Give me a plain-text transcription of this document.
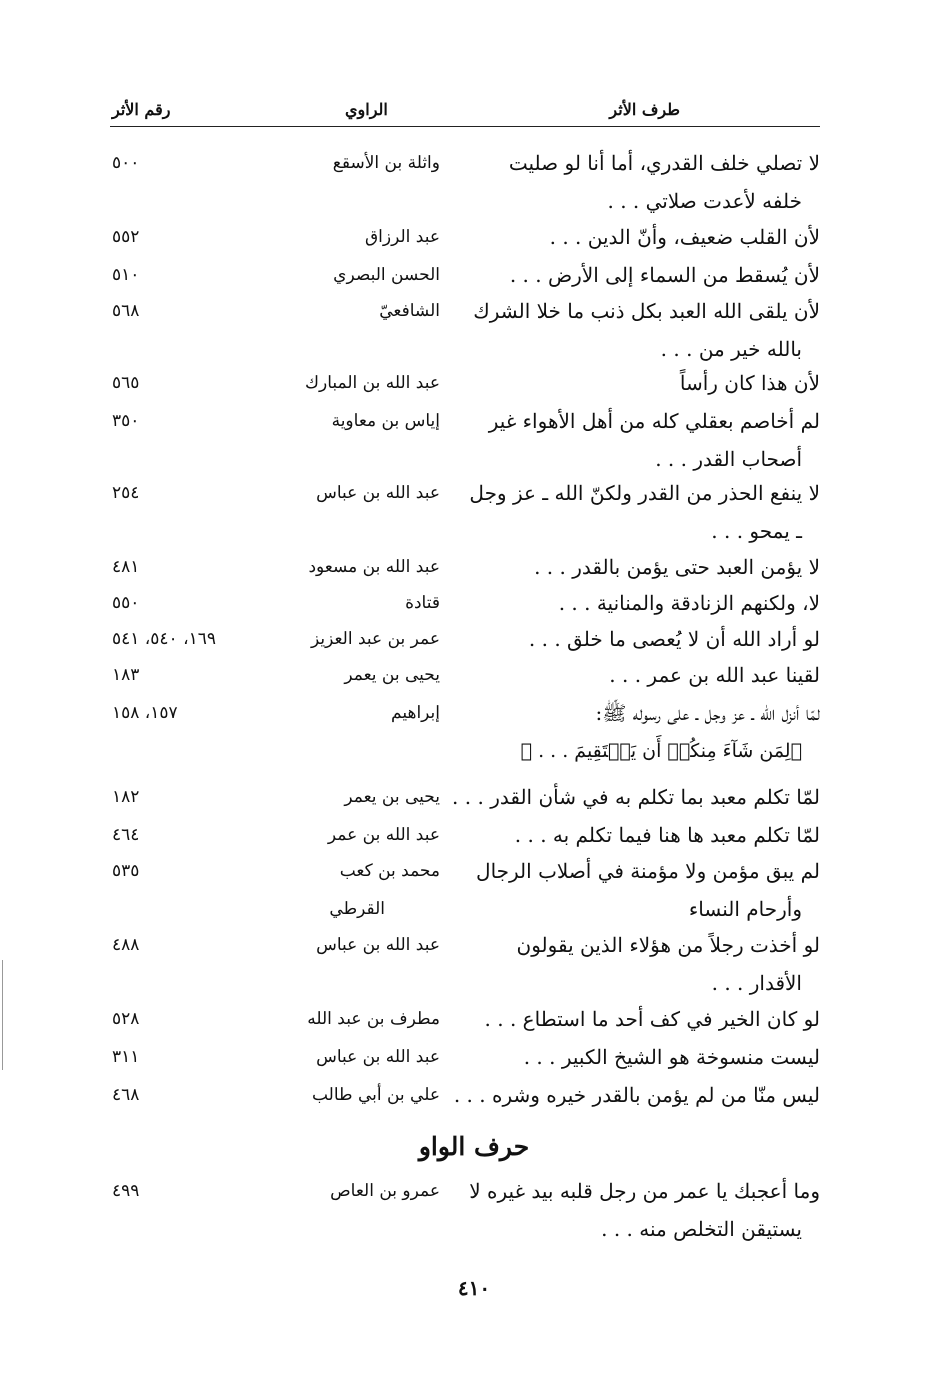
طرف الأثر
الراوي
رقم الأثر
لا تصلي خلف القدري، أما أنا لو صليت
خلفه لأعدت صلاتي . . .
واثلة بن الأسقع
٥٠٠
لأن القلب ضعيف، وأنّ الدين . . .
عبد الرزاق
٥٥٢
لأن يُسقط من السماء إلى الأرض . . .
الحسن البصري
٥١٠
لأن يلقى الله العبد بكل ذنب ما خلا الشرك
بالله خير من . . .
الشافعيّ
٥٦٨
لأن هذا كان رأساً
عبد الله بن المبارك
٥٦٥
لم أخاصم بعقلي كله من أهل الأهواء غير
أصحاب القدر . . .
إياس بن معاوية
٣٥٠
لا ينفع الحذر من القدر ولكنّ الله ـ عز وجل
ـ يمحو . . .
عبد الله بن عباس
٢٥٤
لا يؤمن العبد حتى يؤمن بالقدر . . .
عبد الله بن مسعود
٤٨١
لا، ولكنهم الزنادقة والمنانية . . .
قتادة
٥٥٠
لو أراد الله أن لا يُعصى ما خلق . . .
عمر بن عبد العزيز
١٦٩، ٥٤٠، ٥٤١
لقينا عبد الله بن عمر . . .
يحيى بن يعمر
١٨٣
لمّا أنزل الله ـ عز وجل ـ على رسوله ﷺ:
﴿لِمَن شَآءَ مِنكُمۡ أَن يَسۡتَقِيمَ . . . ﴾
إبراهيم
١٥٧، ١٥٨
لمّا تكلم معبد بما تكلم به في شأن القدر . . .
يحيى بن يعمر
١٨٢
لمّا تكلم معبد ها هنا فيما تكلم به . . .
عبد الله بن عمر
٤٦٤
لم يبق مؤمن ولا مؤمنة في أصلاب الرجال
وأرحام النساء
محمد بن كعب
القرطي
٥٣٥
لو أخذت رجلاً من هؤلاء الذين يقولون
الأقدار . . .
عبد الله بن عباس
٤٨٨
لو كان الخير في كف أحد ما استطاع . . .
مطرف بن عبد الله
٥٢٨
ليست منسوخة هو الشيخ الكبير . . .
عبد الله بن عباس
٣١١
ليس منّا من لم يؤمن بالقدر خيره وشره . . .
علي بن أبي طالب
٤٦٨
حرف الواو
وما أعجبك يا عمر من رجل قلبه بيد غيره لا
يستيقن التخلص منه . . .
عمرو بن العاص
٤٩٩
٤١٠
